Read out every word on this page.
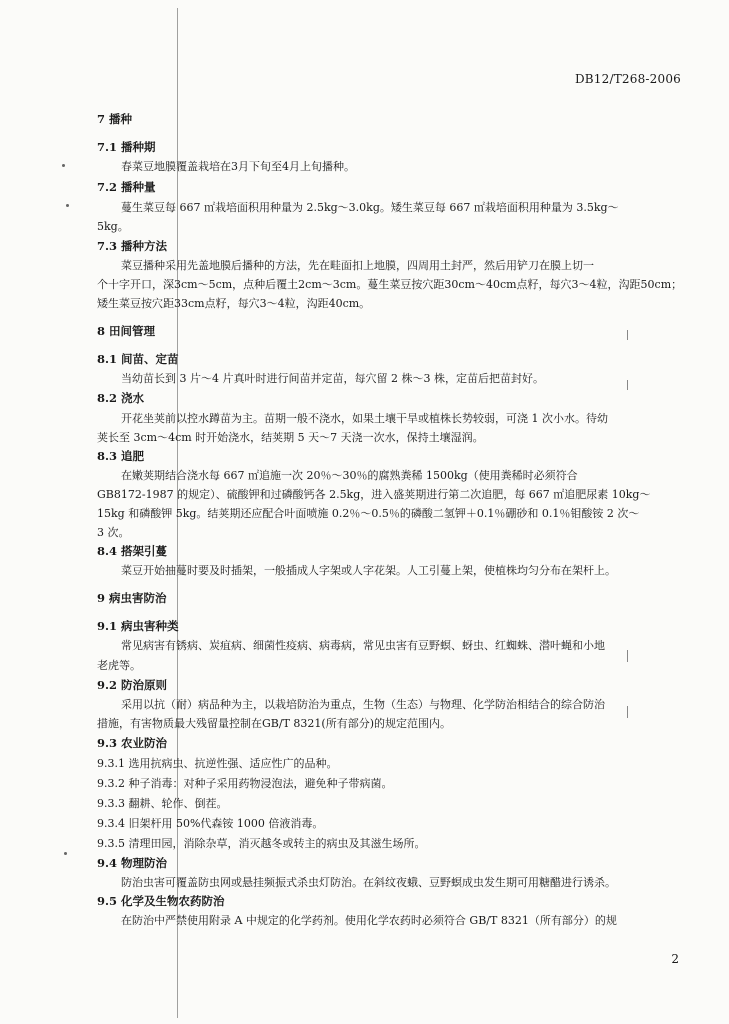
DB12/T268-2006
7 播种
7.1 播种期
春菜豆地膜覆盖栽培在3月下旬至4月上旬播种。
7.2 播种量
蔓生菜豆每 667 ㎡栽培面积用种量为 2.5kg～3.0kg。矮生菜豆每 667 ㎡栽培面积用种量为 3.5kg～
5kg。
7.3 播种方法
菜豆播种采用先盖地膜后播种的方法，先在畦面扣上地膜，四周用土封严，然后用铲刀在膜上切一
个十字开口，深3cm～5cm，点种后覆土2cm～3cm。蔓生菜豆按穴距30cm～40cm点籽，每穴3～4粒，沟距50cm；
矮生菜豆按穴距33cm点籽，每穴3～4粒，沟距40cm。
8 田间管理
8.1 间苗、定苗
当幼苗长到 3 片～4 片真叶时进行间苗并定苗，每穴留 2 株～3 株，定苗后把苗封好。
8.2 浇水
开花坐荚前以控水蹲苗为主。苗期一般不浇水，如果土壤干旱或植株长势较弱，可浇 1 次小水。待幼
荚长至 3cm～4cm 时开始浇水，结荚期 5 天～7 天浇一次水，保持土壤湿润。
8.3 追肥
在嫩荚期结合浇水每 667 ㎡追施一次 20％～30％的腐熟粪稀 1500kg（使用粪稀时必须符合
GB8172-1987 的规定）、硫酸钾和过磷酸钙各 2.5kg，进入盛荚期进行第二次追肥，每 667 ㎡追肥尿素 10kg～
15kg 和磷酸钾 5kg。结荚期还应配合叶面喷施 0.2％～0.5％的磷酸二氢钾＋0.1％硼砂和 0.1％钼酸铵 2 次～
3 次。
8.4 搭架引蔓
菜豆开始抽蔓时要及时插架，一般插成人字架或人字花架。人工引蔓上架，使植株均匀分布在架杆上。
9 病虫害防治
9.1 病虫害种类
常见病害有锈病、炭疽病、细菌性疫病、病毒病，常见虫害有豆野螟、蚜虫、红蜘蛛、潜叶蝇和小地
老虎等。
9.2 防治原则
采用以抗（耐）病品种为主，以栽培防治为重点，生物（生态）与物理、化学防治相结合的综合防治
措施，有害物质最大残留量控制在GB/T 8321(所有部分)的规定范围内。
9.3 农业防治
9.3.1 选用抗病虫、抗逆性强、适应性广的品种。
9.3.2 种子消毒：对种子采用药物浸泡法，避免种子带病菌。
9.3.3 翻耕、轮作、倒茬。
9.3.4 旧架杆用 50%代森铵 1000 倍液消毒。
9.3.5 清理田园，消除杂草，消灭越冬或转主的病虫及其滋生场所。
9.4 物理防治
防治虫害可覆盖防虫网或悬挂频振式杀虫灯防治。在斜纹夜蛾、豆野螟成虫发生期可用糖醋进行诱杀。
9.5 化学及生物农药防治
在防治中严禁使用附录 A 中规定的化学药剂。使用化学农药时必须符合 GB/T 8321（所有部分）的规
2
